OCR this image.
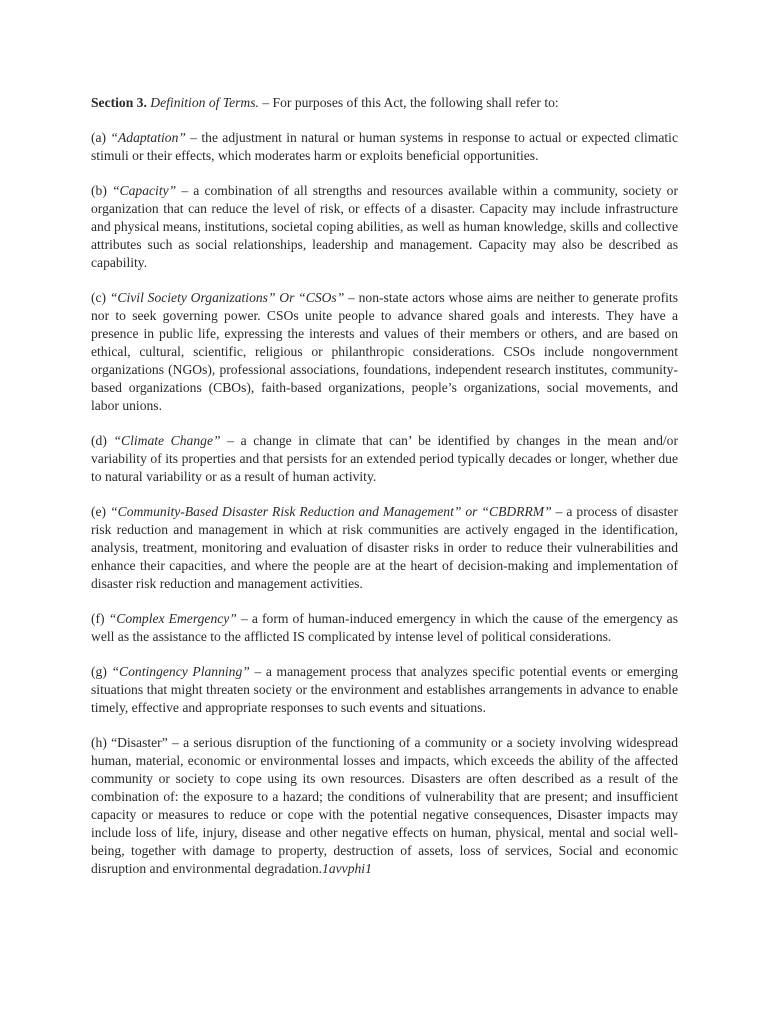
Section 3. Definition of Terms. – For purposes of this Act, the following shall refer to:

(a) “Adaptation” – the adjustment in natural or human systems in response to actual or expected climatic stimuli or their effects, which moderates harm or exploits beneficial opportunities.

(b) “Capacity” – a combination of all strengths and resources available within a community, society or organization that can reduce the level of risk, or effects of a disaster. Capacity may include infrastructure and physical means, institutions, societal coping abilities, as well as human knowledge, skills and collective attributes such as social relationships, leadership and management. Capacity may also be described as capability.

(c) “Civil Society Organizations” Or “CSOs” – non-state actors whose aims are neither to generate profits nor to seek governing power. CSOs unite people to advance shared goals and interests. They have a presence in public life, expressing the interests and values of their members or others, and are based on ethical, cultural, scientific, religious or philanthropic considerations. CSOs include nongovernment organizations (NGOs), professional associations, foundations, independent research institutes, community-based organizations (CBOs), faith-based organizations, people’s organizations, social movements, and labor unions.

(d) “Climate Change” – a change in climate that can’ be identified by changes in the mean and/or variability of its properties and that persists for an extended period typically decades or longer, whether due to natural variability or as a result of human activity.

(e) “Community-Based Disaster Risk Reduction and Management” or “CBDRRM” – a process of disaster risk reduction and management in which at risk communities are actively engaged in the identification, analysis, treatment, monitoring and evaluation of disaster risks in order to reduce their vulnerabilities and enhance their capacities, and where the people are at the heart of decision-making and implementation of disaster risk reduction and management activities.

(f) “Complex Emergency” – a form of human-induced emergency in which the cause of the emergency as well as the assistance to the afflicted IS complicated by intense level of political considerations.

(g) “Contingency Planning” – a management process that analyzes specific potential events or emerging situations that might threaten society or the environment and establishes arrangements in advance to enable timely, effective and appropriate responses to such events and situations.

(h) “Disaster” – a serious disruption of the functioning of a community or a society involving widespread human, material, economic or environmental losses and impacts, which exceeds the ability of the affected community or society to cope using its own resources. Disasters are often described as a result of the combination of: the exposure to a hazard; the conditions of vulnerability that are present; and insufficient capacity or measures to reduce or cope with the potential negative consequences, Disaster impacts may include loss of life, injury, disease and other negative effects on human, physical, mental and social well-being, together with damage to property, destruction of assets, loss of services, Social and economic disruption and environmental degradation.1avvphi1
